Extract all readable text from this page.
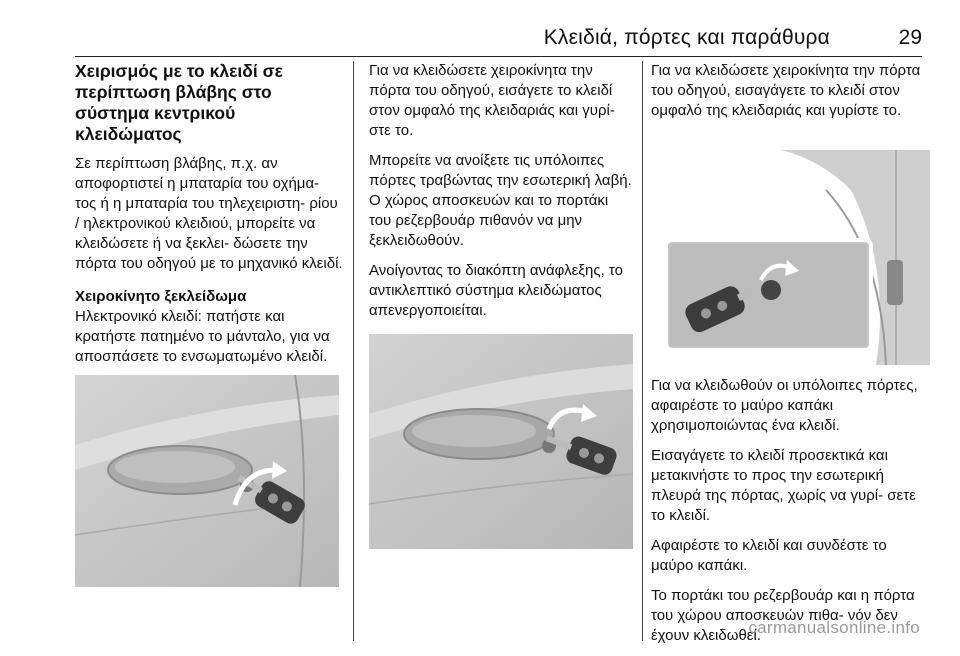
Κλειδιά, πόρτες και παράθυρα	29
Χειρισμός με το κλειδί σε περίπτωση βλάβης στο σύστημα κεντρικού κλειδώματος

Σε περίπτωση βλάβης, π.χ. αν αποφορτιστεί η μπαταρία του οχήμα- τος ή η μπαταρία του τηλεχειριστη- ρίου / ηλεκτρονικού κλειδιού, μπορείτε να κλειδώσετε ή να ξεκλει- δώσετε την πόρτα του οδηγού με το μηχανικό κλειδί.

Χειροκίνητο ξεκλείδωμα

Ηλεκτρονικό κλειδί: πατήστε και κρατήστε πατημένο το μάνταλο, για να αποσπάσετε το ενσωματωμένο κλειδί.

Για να κλειδώσετε χειροκίνητα την πόρτα του οδηγού, εισάγετε το κλειδί στον ομφαλό της κλειδαριάς και γυρί- στε το.

Μπορείτε να ανοίξετε τις υπόλοιπες πόρτες τραβώντας την εσωτερική λαβή. Ο χώρος αποσκευών και το πορτάκι του ρεζερβουάρ πιθανόν να μην ξεκλειδωθούν.

Ανοίγοντας το διακόπτη ανάφλεξης, το αντικλεπτικό σύστημα κλειδώματος απενεργοποιείται.

Για να κλειδώσετε χειροκίνητα την πόρτα του οδηγού, εισαγάγετε το κλειδί στον ομφαλό της κλειδαριάς και γυρίστε το.

Για να κλειδωθούν οι υπόλοιπες πόρτες, αφαιρέστε το μαύρο καπάκι χρησιμοποιώντας ένα κλειδί.

Εισαγάγετε το κλειδί προσεκτικά και μετακινήστε το προς την εσωτερική πλευρά της πόρτας, χωρίς να γυρί- σετε το κλειδί.

Αφαιρέστε το κλειδί και συνδέστε το μαύρο καπάκι.

Το πορτάκι του ρεζερβουάρ και η πόρτα του χώρου αποσκευών πιθα- νόν δεν έχουν κλειδωθεί.

carmanualsonline.info
